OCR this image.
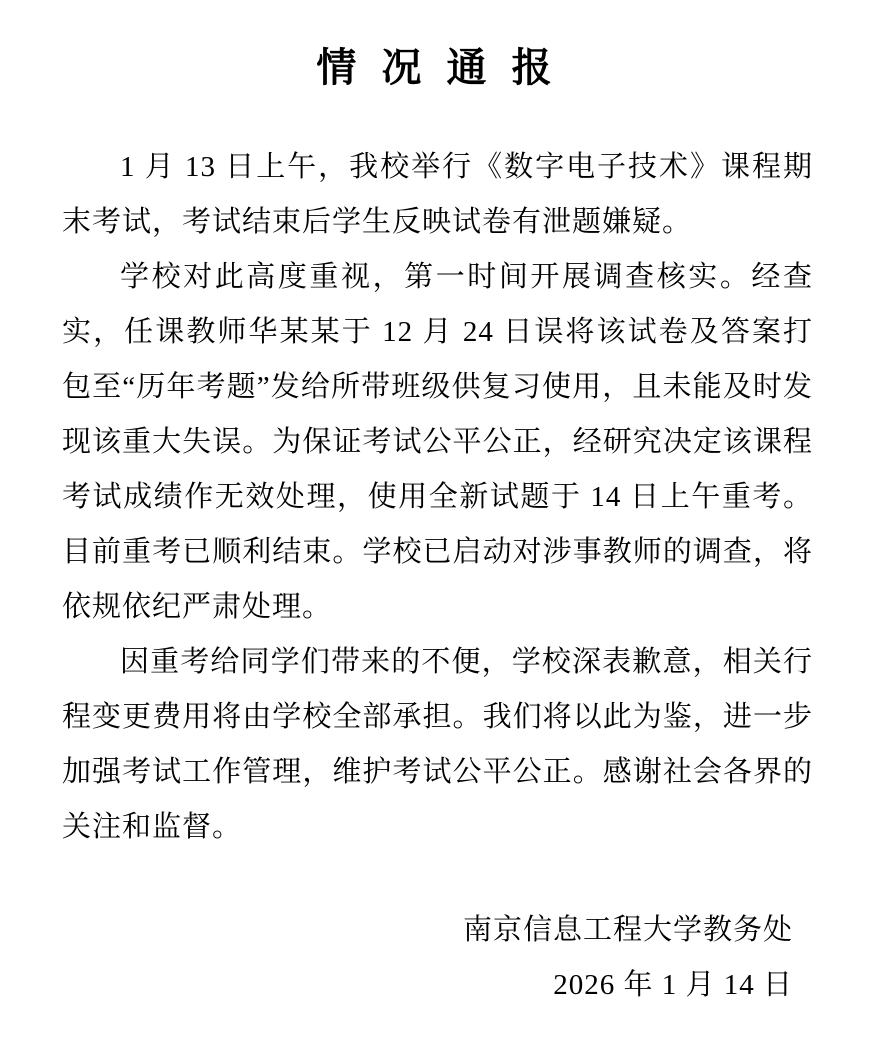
情 况 通 报

1 月 13 日上午，我校举行《数字电子技术》课程期末考试，考试结束后学生反映试卷有泄题嫌疑。

学校对此高度重视，第一时间开展调查核实。经查实，任课教师华某某于 12 月 24 日误将该试卷及答案打包至“历年考题”发给所带班级供复习使用，且未能及时发现该重大失误。为保证考试公平公正，经研究决定该课程考试成绩作无效处理，使用全新试题于 14 日上午重考。目前重考已顺利结束。学校已启动对涉事教师的调查，将依规依纪严肃处理。

因重考给同学们带来的不便，学校深表歉意，相关行程变更费用将由学校全部承担。我们将以此为鉴，进一步加强考试工作管理，维护考试公平公正。感谢社会各界的关注和监督。

南京信息工程大学教务处

2026 年 1 月 14 日
